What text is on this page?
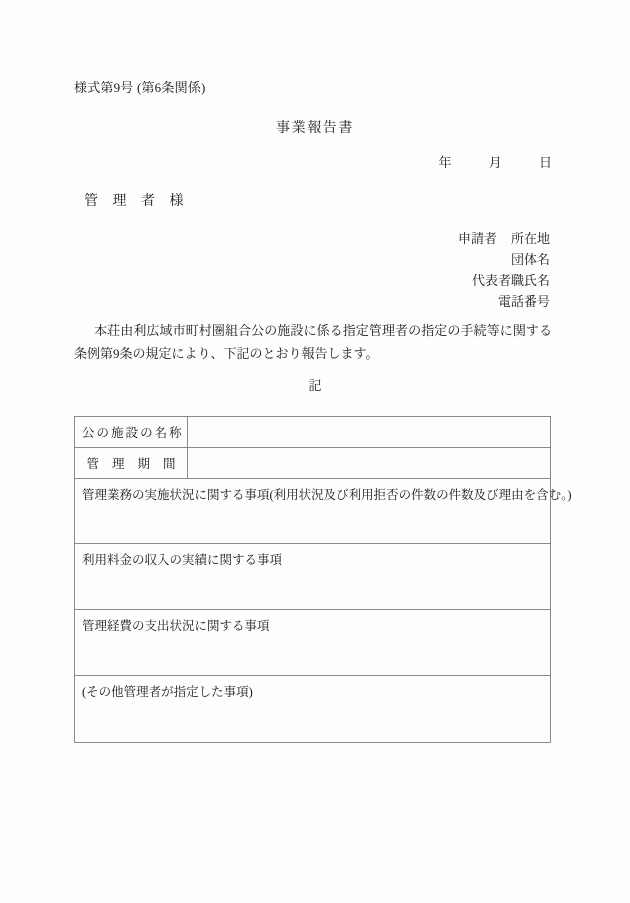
様式第9号 (第6条関係)
事業報告書
年	月	日
管 理 者 様
申請者 所在地
団体名
代表者職氏名
電話番号
本荘由利広域市町村圏組合公の施設に係る指定管理者の指定の手続等に関する条例第9条の規定により、下記のとおり報告します。
記
公 の 施 設 の 名 称	

管 理 期 間	

管理業務の実施状況に関する事項(利用状況及び利用拒否の件数の件数及び理由を含む。)	

利用料金の収入の実績に関する事項	

管理経費の支出状況に関する事項	

(その他管理者が指定した事項)	
